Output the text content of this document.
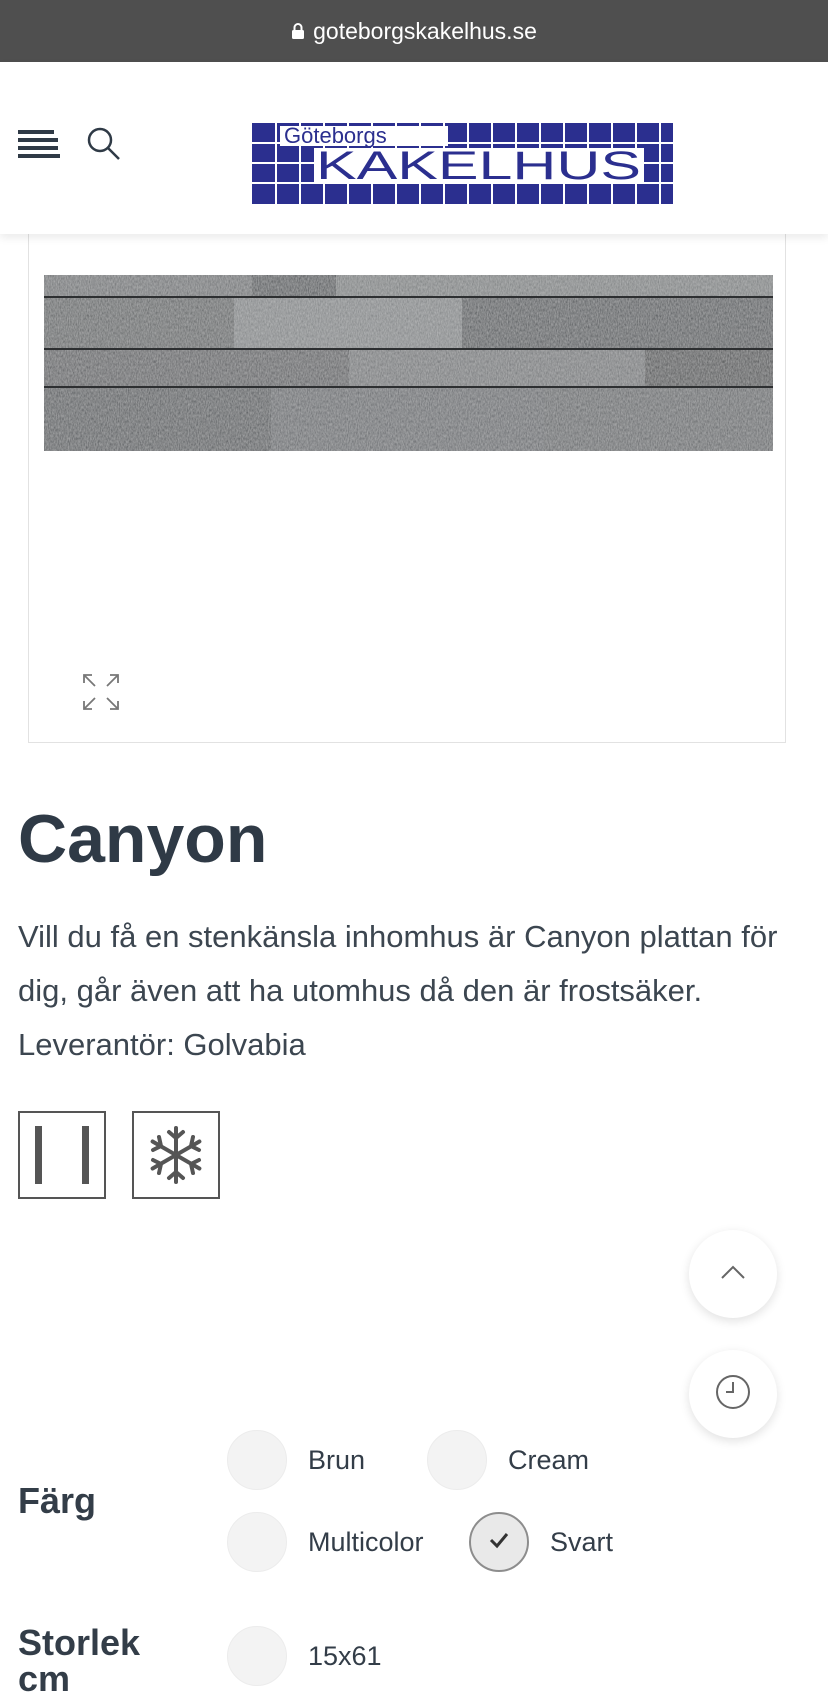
goteborgskakelhus.se
Göteborgs
KAKELHUS
Canyon
Vill du få en stenkänsla inhomhus är Canyon plattan för
dig, går även att ha utomhus då den är frostsäker.
Leverantör: Golvabia
Färg
Brun	Cream
Multicolor	Svart
Storlek
cm
15x61
